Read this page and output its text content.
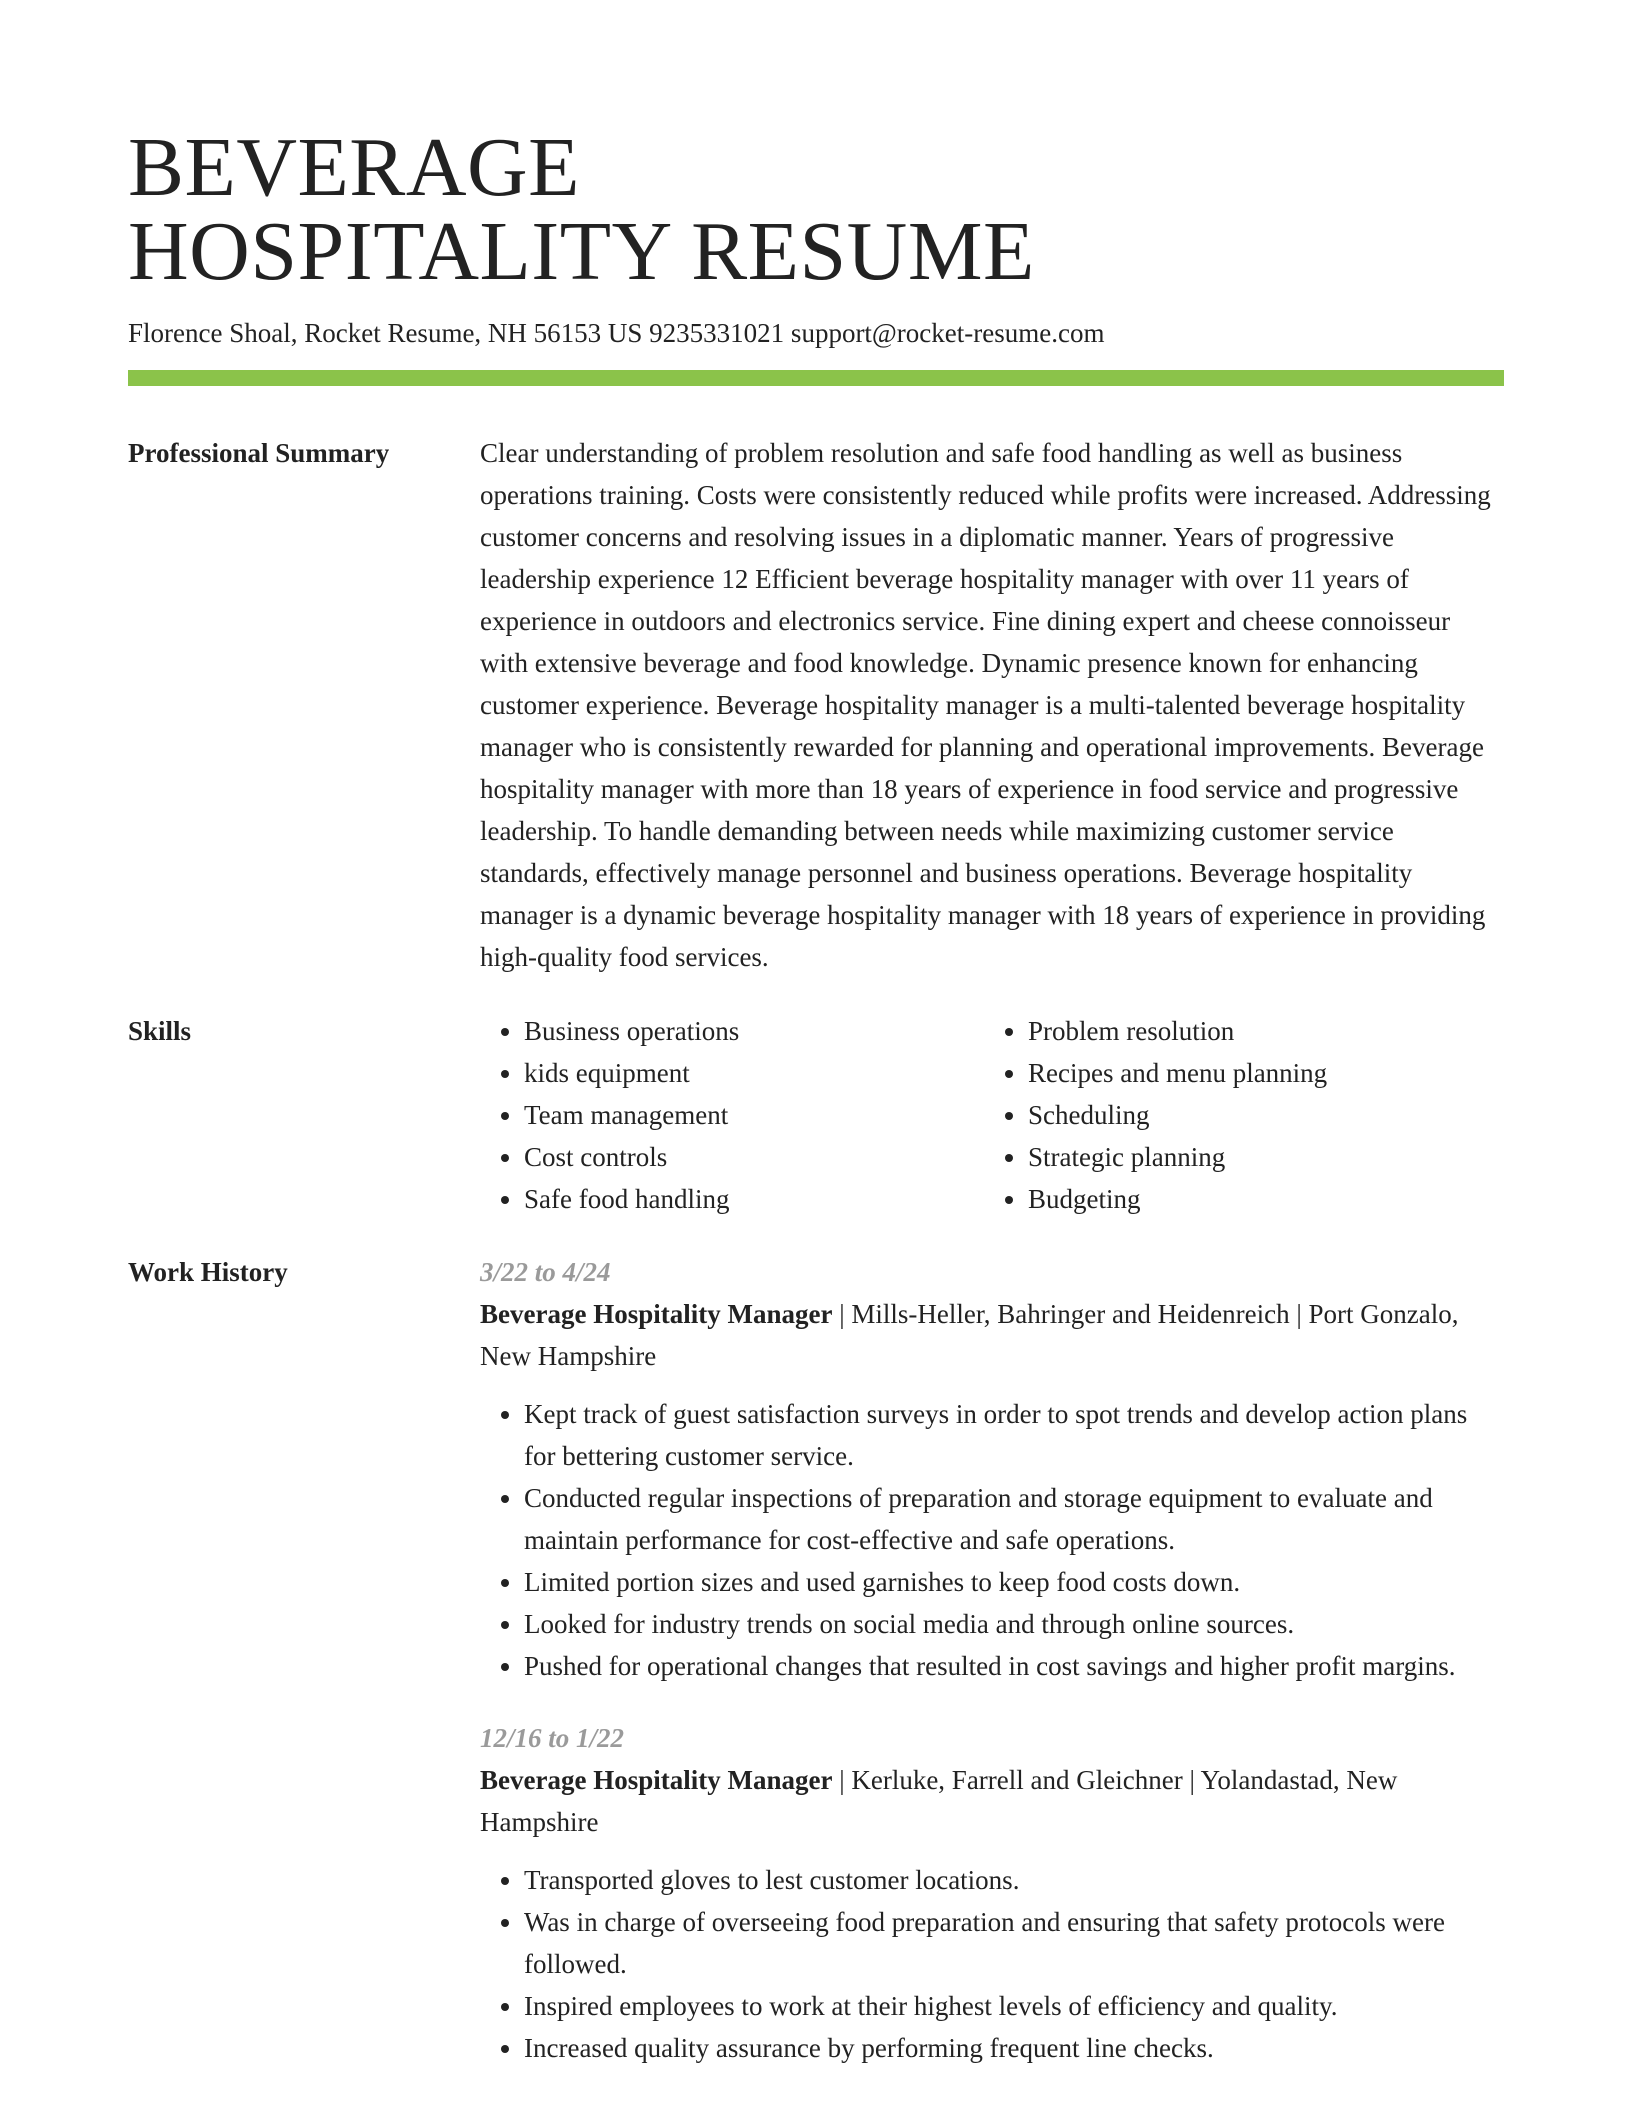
BEVERAGE
HOSPITALITY RESUME
Florence Shoal, Rocket Resume, NH 56153 US 9235331021 support@rocket-resume.com
Professional Summary	Clear understanding of problem resolution and safe food handling as well as business operations training. Costs were consistently reduced while profits were increased. Addressing customer concerns and resolving issues in a diplomatic manner. Years of progressive leadership experience 12 Efficient beverage hospitality manager with over 11 years of experience in outdoors and electronics service. Fine dining expert and cheese connoisseur with extensive beverage and food knowledge. Dynamic presence known for enhancing customer experience. Beverage hospitality manager is a multi-talented beverage hospitality manager who is consistently rewarded for planning and operational improvements. Beverage hospitality manager with more than 18 years of experience in food service and progressive leadership. To handle demanding between needs while maximizing customer service standards, effectively manage personnel and business operations. Beverage hospitality manager is a dynamic beverage hospitality manager with 18 years of experience in providing high-quality food services.

Skills
•	Business operations
• kids equipment
• Team management
• Cost controls
• Safe food handling
• Problem resolution
• Recipes and menu planning
• Scheduling
• Strategic planning
• Budgeting
Work History	3/22 to 4/24
Beverage Hospitality Manager | Mills-Heller, Bahringer and Heidenreich | Port Gonzalo, New Hampshire
• Kept track of guest satisfaction surveys in order to spot trends and develop action plans for bettering customer service.
• Conducted regular inspections of preparation and storage equipment to evaluate and maintain performance for cost-effective and safe operations.
• Limited portion sizes and used garnishes to keep food costs down.
• Looked for industry trends on social media and through online sources.
• Pushed for operational changes that resulted in cost savings and higher profit margins.
12/16 to 1/22
Beverage Hospitality Manager | Kerluke, Farrell and Gleichner | Yolandastad, New Hampshire
• Transported gloves to lest customer locations.
• Was in charge of overseeing food preparation and ensuring that safety protocols were followed.
• Inspired employees to work at their highest levels of efficiency and quality.
• Increased quality assurance by performing frequent line checks.
